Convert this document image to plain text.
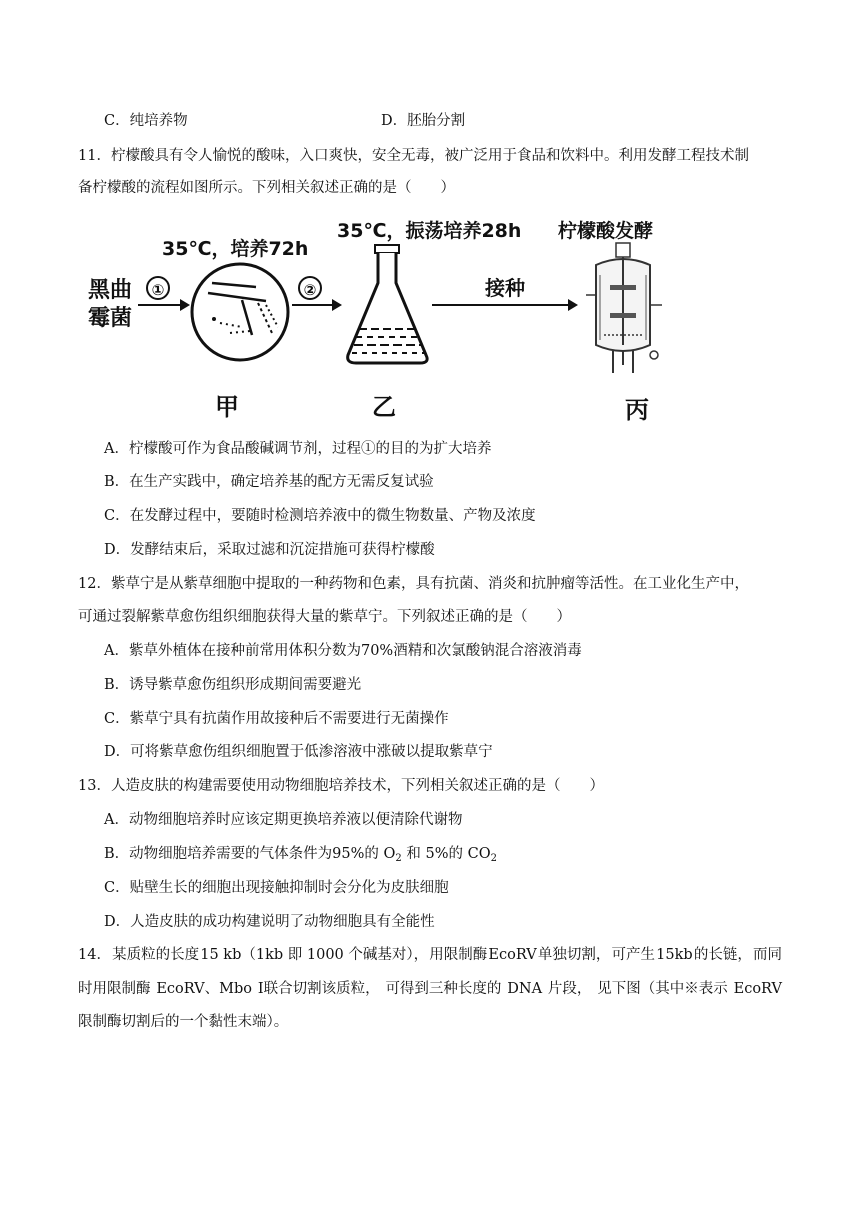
C．纯培养物	D．胚胎分割
11．柠檬酸具有令人愉悦的酸味，入口爽快，安全无毒，被广泛用于食品和饮料中。利用发酵工程技术制
备柠檬酸的流程如图所示。下列相关叙述正确的是（　　）
黑曲
霉菌
①
35℃，培养72h
②
35℃，振荡培养28h
接种
柠檬酸发酵
甲	乙	丙
A．柠檬酸可作为食品酸碱调节剂，过程①的目的为扩大培养
B．在生产实践中，确定培养基的配方无需反复试验
C．在发酵过程中，要随时检测培养液中的微生物数量、产物及浓度
D．发酵结束后，采取过滤和沉淀措施可获得柠檬酸
12．紫草宁是从紫草细胞中提取的一种药物和色素，具有抗菌、消炎和抗肿瘤等活性。在工业化生产中，
可通过裂解紫草愈伤组织细胞获得大量的紫草宁。下列叙述正确的是（　　）
A．紫草外植体在接种前常用体积分数为70%酒精和次氯酸钠混合溶液消毒
B．诱导紫草愈伤组织形成期间需要避光
C．紫草宁具有抗菌作用故接种后不需要进行无菌操作
D．可将紫草愈伤组织细胞置于低渗溶液中涨破以提取紫草宁
13．人造皮肤的构建需要使用动物细胞培养技术，下列相关叙述正确的是（　　）
A．动物细胞培养时应该定期更换培养液以便清除代谢物
B．动物细胞培养需要的气体条件为95%的 $O_2$ 和 5%的 $CO_2$
C．贴壁生长的细胞出现接触抑制时会分化为皮肤细胞
D．人造皮肤的成功构建说明了动物细胞具有全能性
14． 某质粒的长度 15 kb（1kb 即 1000 个碱基对）， 用限制酶 EcoRV 单独切割， 可产生 15kb 的长链， 而同
时用限制酶 EcoRV、Mbo Ⅰ联合切割该质粒， 可得到三种长度的 DNA 片段， 见下图（其中※表示 EcoRV
限制酶切割后的一个黏性末端）。
